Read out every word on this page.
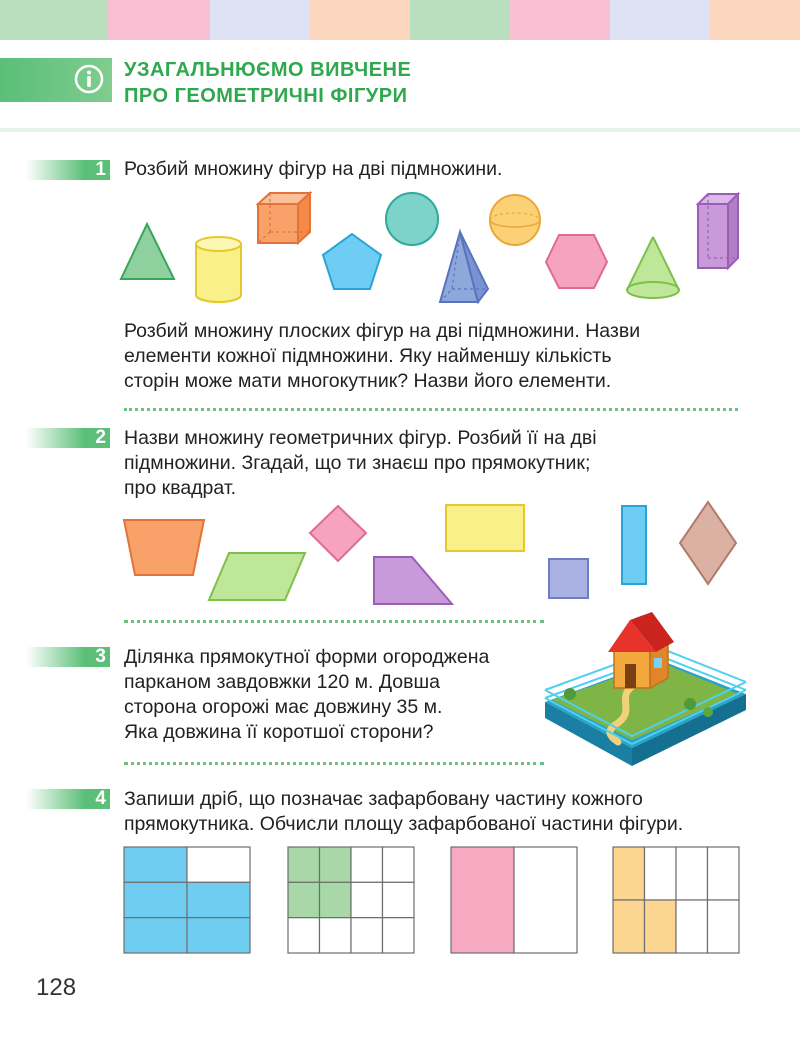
УЗАГАЛЬНЮЄМО ВИВЧЕНЕ
ПРО ГЕОМЕТРИЧНІ ФІГУРИ
1 Розбий множину фігур на дві підмножини.
Розбий множину плоских фігур на дві підмножини. Назви
елементи кожної підмножини. Яку найменшу кількість
сторін може мати многокутник? Назви його елементи.
2 Назви множину геометричних фігур. Розбий її на дві
підмножини. Згадай, що ти знаєш про прямокутник;
про квадрат.
3 Ділянка прямокутної форми огороджена
парканом завдовжки 120 м. Довша
сторона огорожі має довжину 35 м.
Яка довжина її коротшої сторони?
4 Запиши дріб, що позначає зафарбовану частину кожного
прямокутника. Обчисли площу зафарбованої частини фігури.
128
